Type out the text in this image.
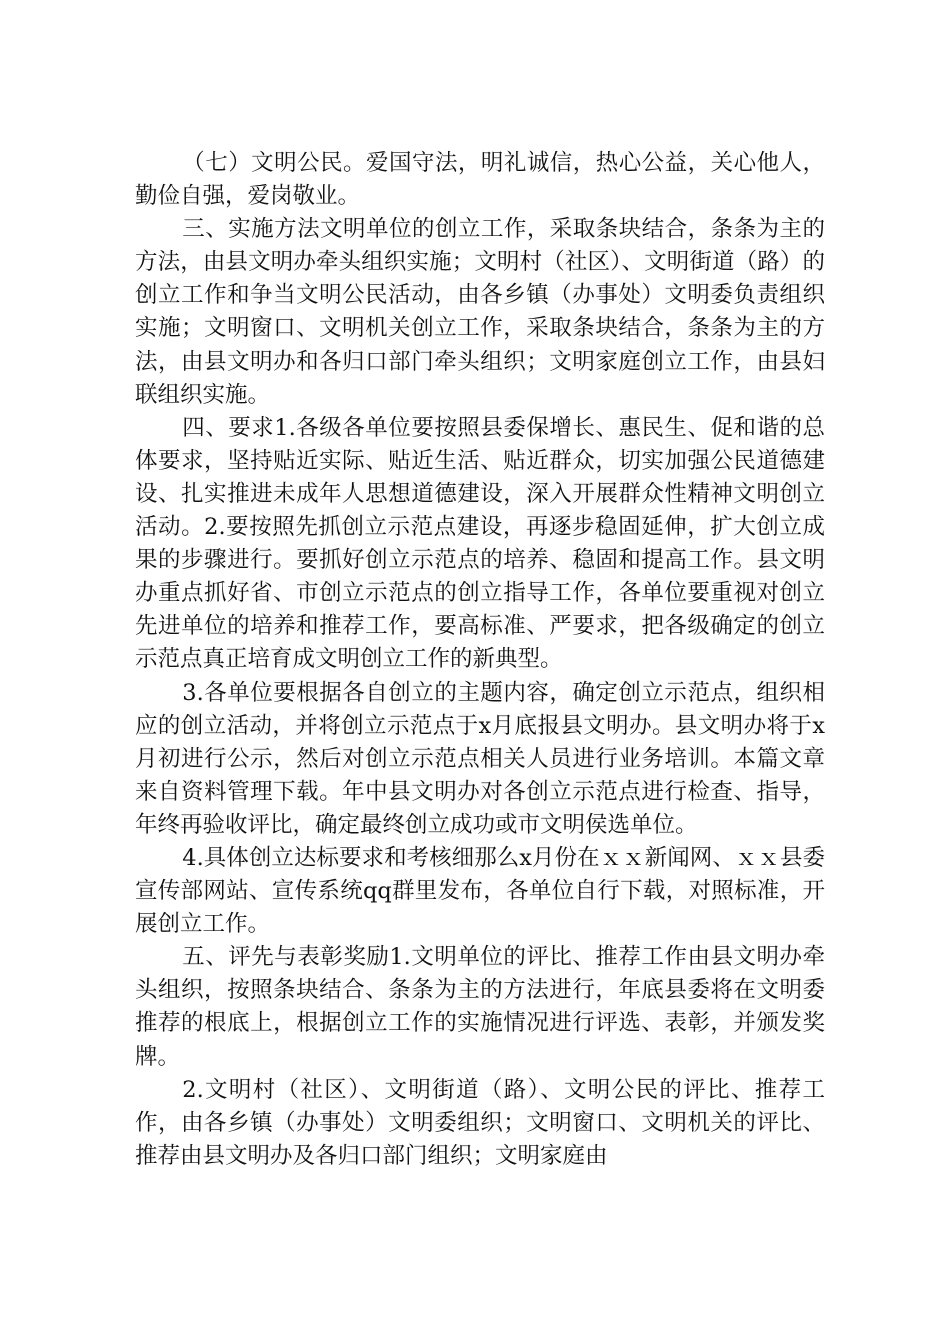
（七）文明公民。爱国守法，明礼诚信，热心公益，关心他人，勤俭自强，爱岗敬业。

三、实施方法文明单位的创立工作，采取条块结合，条条为主的方法，由县文明办牵头组织实施；文明村（社区）、文明街道（路）的创立工作和争当文明公民活动，由各乡镇（办事处）文明委负责组织实施；文明窗口、文明机关创立工作，采取条块结合，条条为主的方法，由县文明办和各归口部门牵头组织；文明家庭创立工作，由县妇联组织实施。

四、要求1.各级各单位要按照县委保增长、惠民生、促和谐的总体要求，坚持贴近实际、贴近生活、贴近群众，切实加强公民道德建设、扎实推进未成年人思想道德建设，深入开展群众性精神文明创立活动。2.要按照先抓创立示范点建设，再逐步稳固延伸，扩大创立成果的步骤进行。要抓好创立示范点的培养、稳固和提高工作。县文明办重点抓好省、市创立示范点的创立指导工作，各单位要重视对创立先进单位的培养和推荐工作，要高标准、严要求，把各级确定的创立示范点真正培育成文明创立工作的新典型。

3.各单位要根据各自创立的主题内容，确定创立示范点，组织相应的创立活动，并将创立示范点于x月底报县文明办。县文明办将于x月初进行公示，然后对创立示范点相关人员进行业务培训。本篇文章来自资料管理下载。年中县文明办对各创立示范点进行检查、指导，年终再验收评比，确定最终创立成功或市文明侯选单位。

4.具体创立达标要求和考核细那么x月份在ｘｘ新闻网、ｘｘ县委宣传部网站、宣传系统qq群里发布，各单位自行下载，对照标准，开展创立工作。

五、评先与表彰奖励1.文明单位的评比、推荐工作由县文明办牵头组织，按照条块结合、条条为主的方法进行，年底县委将在文明委推荐的根底上，根据创立工作的实施情况进行评选、表彰，并颁发奖牌。

2.文明村（社区）、文明街道（路）、文明公民的评比、推荐工作，由各乡镇（办事处）文明委组织；文明窗口、文明机关的评比、推荐由县文明办及各归口部门组织；文明家庭由
